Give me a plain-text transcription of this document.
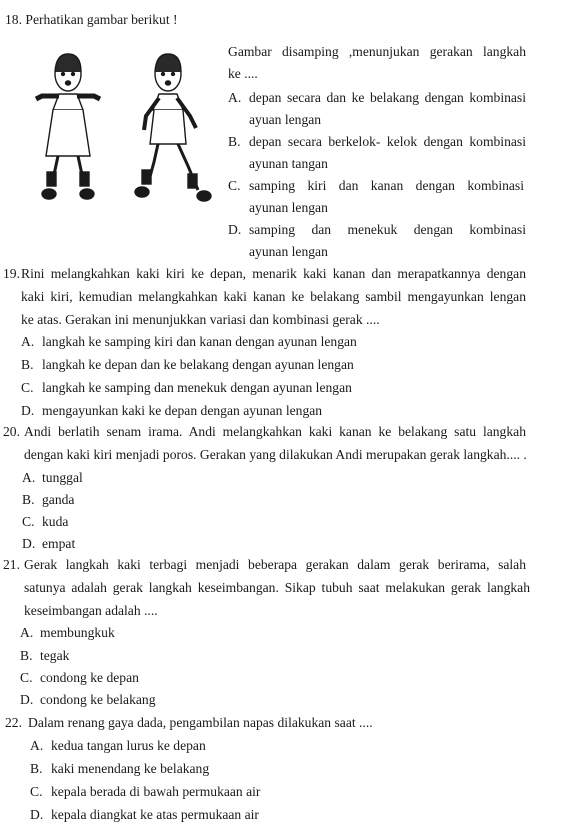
18. Perhatikan gambar berikut !
Gambar disamping ,menunjukan gerakan langkah
ke ....
A. depan secara dan ke belakang dengan kombinasi
ayuan lengan
B. depan secara berkelok- kelok dengan kombinasi
ayunan tangan
C. samping kiri dan kanan dengan kombinasi
ayunan lengan
D. samping dan menekuk dengan kombinasi
ayunan lengan
19. Rini melangkahkan kaki kiri ke depan, menarik kaki kanan dan merapatkannya dengan
kaki kiri, kemudian melangkahkan kaki kanan ke belakang sambil mengayunkan lengan
ke atas. Gerakan ini menunjukkan variasi dan kombinasi gerak ....
A. langkah ke samping kiri dan kanan dengan ayunan lengan
B. langkah ke depan dan ke belakang dengan ayunan lengan
C. langkah ke samping dan menekuk dengan ayunan lengan
D. mengayunkan kaki ke depan dengan ayunan lengan
20. Andi berlatih senam irama. Andi melangkahkan kaki kanan ke belakang satu langkah
dengan kaki kiri menjadi poros. Gerakan yang dilakukan Andi merupakan gerak langkah.... .
A. tunggal
B. ganda
C. kuda
D. empat
21. Gerak langkah kaki terbagi menjadi beberapa gerakan dalam gerak berirama, salah
satunya adalah gerak langkah keseimbangan. Sikap tubuh saat melakukan gerak langkah
keseimbangan adalah ....
A. membungkuk
B. tegak
C. condong ke depan
D. condong ke belakang
22. Dalam renang gaya dada, pengambilan napas dilakukan saat ....
A. kedua tangan lurus ke depan
B. kaki menendang ke belakang
C. kepala berada di bawah permukaan air
D. kepala diangkat ke atas permukaan air
